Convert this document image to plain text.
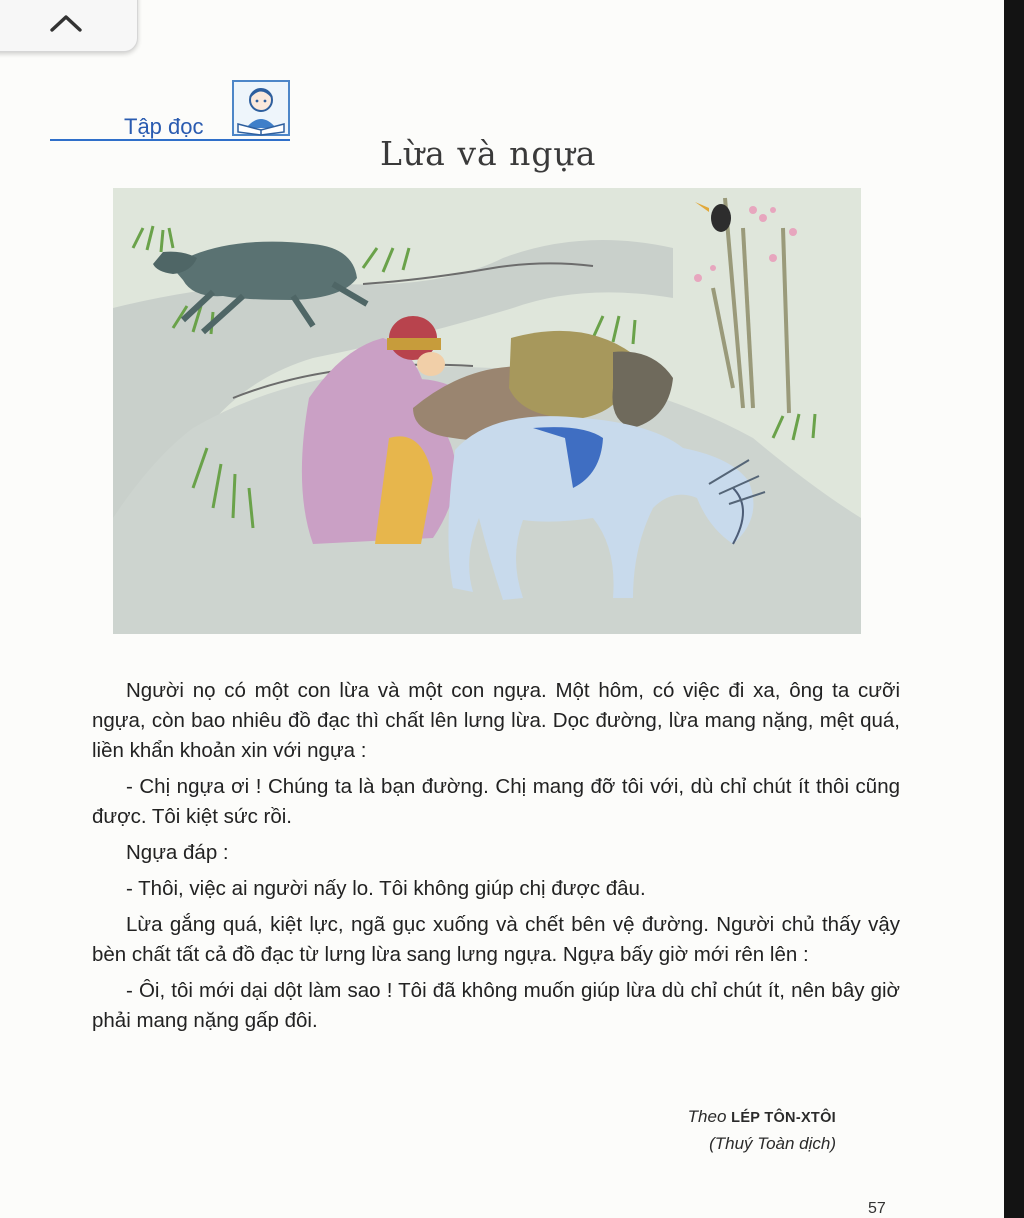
Tập đọc
Lừa và ngựa

Người nọ có một con lừa và một con ngựa. Một hôm, có việc đi xa, ông ta cưỡi ngựa, còn bao nhiêu đồ đạc thì chất lên lưng lừa. Dọc đường, lừa mang nặng, mệt quá, liền khẩn khoản xin với ngựa :

- Chị ngựa ơi ! Chúng ta là bạn đường. Chị mang đỡ tôi với, dù chỉ chút ít thôi cũng được. Tôi kiệt sức rồi.

Ngựa đáp :

- Thôi, việc ai người nấy lo. Tôi không giúp chị được đâu.

Lừa gắng quá, kiệt lực, ngã gục xuống và chết bên vệ đường. Người chủ thấy vậy bèn chất tất cả đồ đạc từ lưng lừa sang lưng ngựa. Ngựa bấy giờ mới rên lên :

- Ôi, tôi mới dại dột làm sao ! Tôi đã không muốn giúp lừa dù chỉ chút ít, nên bây giờ phải mang nặng gấp đôi.

Theo LÉP TÔN-XTÔI
(Thuý Toàn dịch)
57
